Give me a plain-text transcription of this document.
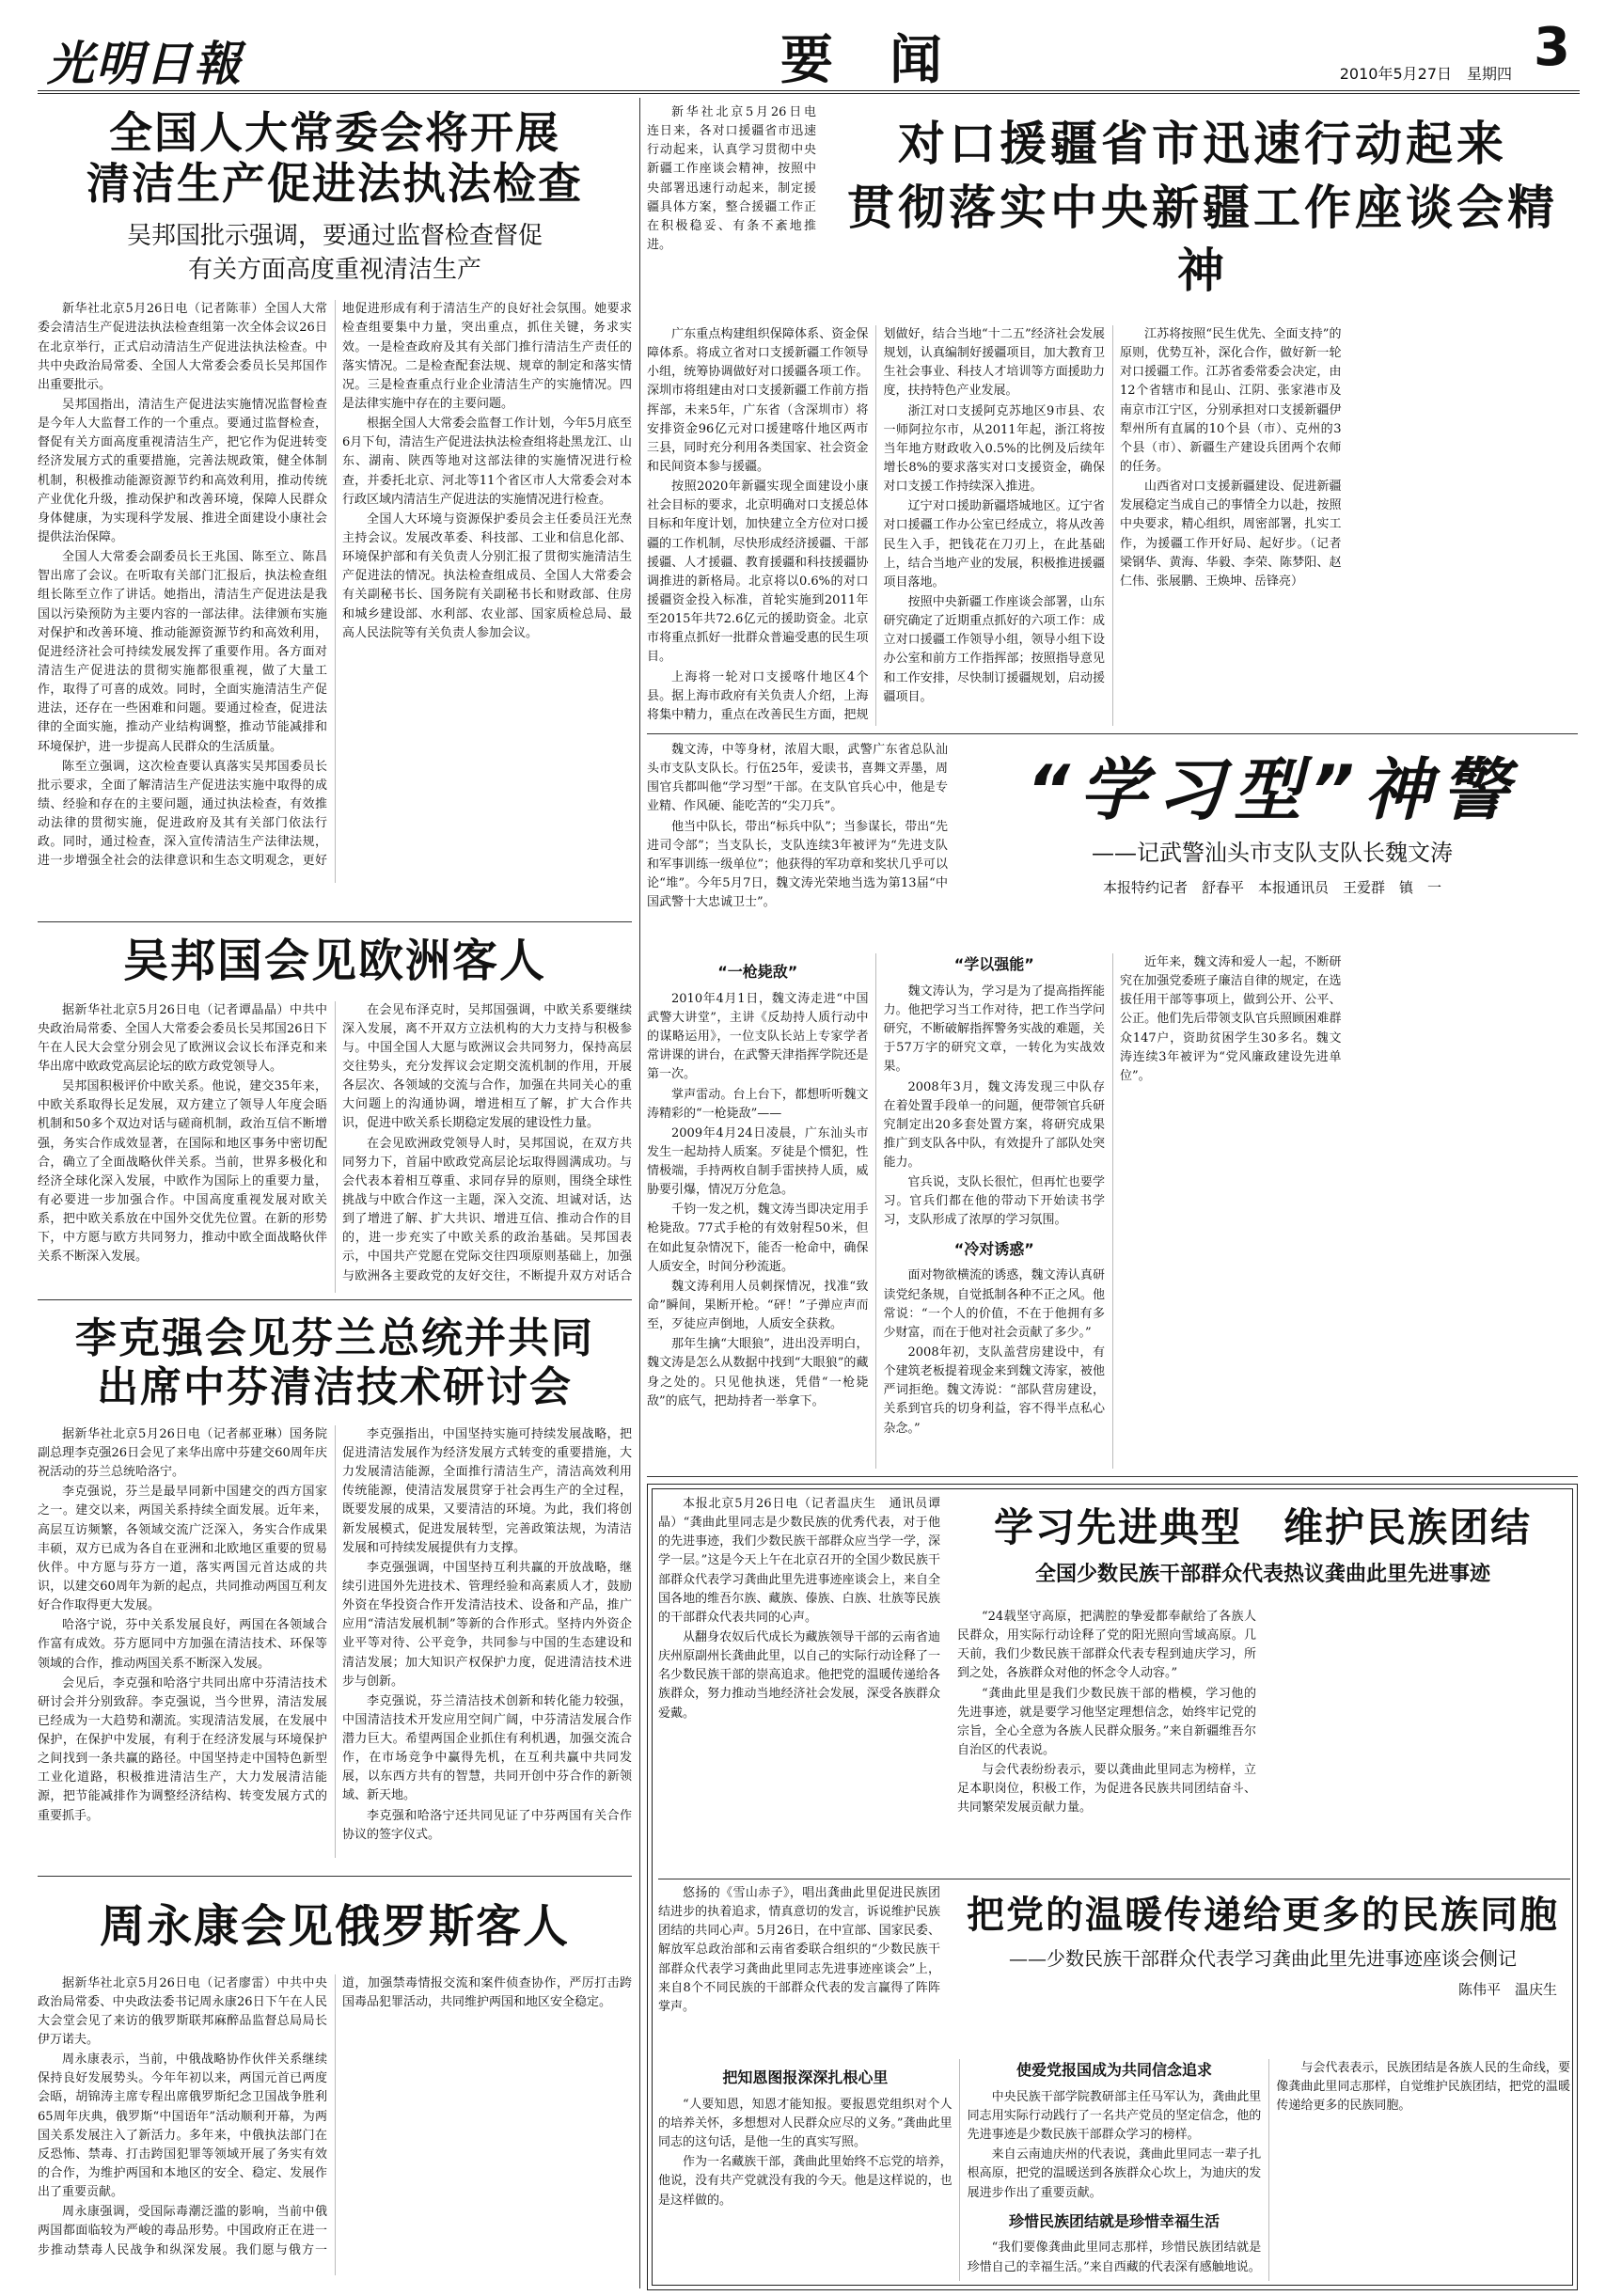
光明日報	要闻	2010年5月27日　星期四 3
全国人大常委会将开展
清洁生产促进法执法检查
吴邦国批示强调，要通过监督检查督促
有关方面高度重视清洁生产

新华社北京5月26日电（记者陈菲）全国人大常委会清洁生产促进法执法检查组第一次全体会议26日在北京举行，正式启动清洁生产促进法执法检查。中共中央政治局常委、全国人大常委会委员长吴邦国作出重要批示。

吴邦国指出，清洁生产促进法实施情况监督检查是今年人大监督工作的一个重点。要通过监督检查，督促有关方面高度重视清洁生产，把它作为促进转变经济发展方式的重要措施，完善法规政策，健全体制机制，积极推动能源资源节约和高效利用，推动传统产业优化升级，推动保护和改善环境，保障人民群众身体健康，为实现科学发展、推进全面建设小康社会提供法治保障。

全国人大常委会副委员长王兆国、陈至立、陈昌智出席了会议。在听取有关部门汇报后，执法检查组组长陈至立作了讲话。她指出，清洁生产促进法是我国以污染预防为主要内容的一部法律。法律颁布实施对保护和改善环境、推动能源资源节约和高效利用，促进经济社会可持续发展发挥了重要作用。各方面对清洁生产促进法的贯彻实施都很重视，做了大量工作，取得了可喜的成效。同时，全面实施清洁生产促进法，还存在一些困难和问题。要通过检查，促进法律的全面实施，推动产业结构调整，推动节能减排和环境保护，进一步提高人民群众的生活质量。

陈至立强调，这次检查要认真落实吴邦国委员长批示要求，全面了解清洁生产促进法实施中取得的成绩、经验和存在的主要问题，通过执法检查，有效推动法律的贯彻实施，促进政府及其有关部门依法行政。同时，通过检查，深入宣传清洁生产法律法规，进一步增强全社会的法律意识和生态文明观念，更好地促进形成有利于清洁生产的良好社会氛围。她要求检查组要集中力量，突出重点，抓住关键，务求实效。一是检查政府及其有关部门推行清洁生产责任的落实情况。二是检查配套法规、规章的制定和落实情况。三是检查重点行业企业清洁生产的实施情况。四是法律实施中存在的主要问题。

根据全国人大常委会监督工作计划，今年5月底至6月下旬，清洁生产促进法执法检查组将赴黑龙江、山东、湖南、陕西等地对这部法律的实施情况进行检查，并委托北京、河北等11个省区市人大常委会对本行政区域内清洁生产促进法的实施情况进行检查。

全国人大环境与资源保护委员会主任委员汪光焘主持会议。发展改革委、科技部、工业和信息化部、环境保护部和有关负责人分别汇报了贯彻实施清洁生产促进法的情况。执法检查组成员、全国人大常委会有关副秘书长、国务院有关副秘书长和财政部、住房和城乡建设部、水利部、农业部、国家质检总局、最高人民法院等有关负责人参加会议。

吴邦国会见欧洲客人

据新华社北京5月26日电（记者谭晶晶）中共中央政治局常委、全国人大常委会委员长吴邦国26日下午在人民大会堂分别会见了欧洲议会议长布泽克和来华出席中欧政党高层论坛的欧方政党领导人。

吴邦国积极评价中欧关系。他说，建交35年来，中欧关系取得长足发展，双方建立了领导人年度会晤机制和50多个双边对话与磋商机制，政治互信不断增强，务实合作成效显著，在国际和地区事务中密切配合，确立了全面战略伙伴关系。当前，世界多极化和经济全球化深入发展，中欧作为国际上的重要力量，有必要进一步加强合作。中国高度重视发展对欧关系，把中欧关系放在中国外交优先位置。在新的形势下，中方愿与欧方共同努力，推动中欧全面战略伙伴关系不断深入发展。

在会见布泽克时，吴邦国强调，中欧关系要继续深入发展，离不开双方立法机构的大力支持与积极参与。中国全国人大愿与欧洲议会共同努力，保持高层交往势头，充分发挥议会定期交流机制的作用，开展各层次、各领域的交流与合作，加强在共同关心的重大问题上的沟通协调，增进相互了解，扩大合作共识，促进中欧关系长期稳定发展的建设性力量。

在会见欧洲政党领导人时，吴邦国说，在双方共同努力下，首届中欧政党高层论坛取得圆满成功。与会代表本着相互尊重、求同存异的原则，围绕全球性挑战与中欧合作这一主题，深入交流、坦诚对话，达到了增进了解、扩大共识、增进互信、推动合作的目的，进一步充实了中欧关系的政治基础。吴邦国表示，中国共产党愿在党际交往四项原则基础上，加强与欧洲各主要政党的友好交往，不断提升双方对话合

李克强会见芬兰总统并共同
出席中芬清洁技术研讨会

据新华社北京5月26日电（记者郝亚琳）国务院副总理李克强26日会见了来华出席中芬建交60周年庆祝活动的芬兰总统哈洛宁。

李克强说，芬兰是最早同新中国建交的西方国家之一。建交以来，两国关系持续全面发展。近年来，高层互访频繁，各领域交流广泛深入，务实合作成果丰硕，双方已成为各自在亚洲和北欧地区重要的贸易伙伴。中方愿与芬方一道，落实两国元首达成的共识，以建交60周年为新的起点，共同推动两国互利友好合作取得更大发展。

哈洛宁说，芬中关系发展良好，两国在各领域合作富有成效。芬方愿同中方加强在清洁技术、环保等领域的合作，推动两国关系不断深入发展。

会见后，李克强和哈洛宁共同出席中芬清洁技术研讨会并分别致辞。李克强说，当今世界，清洁发展已经成为一大趋势和潮流。实现清洁发展，在发展中保护，在保护中发展，有利于在经济发展与环境保护之间找到一条共赢的路径。中国坚持走中国特色新型工业化道路，积极推进清洁生产，大力发展清洁能源，把节能减排作为调整经济结构、转变发展方式的重要抓手。

李克强指出，中国坚持实施可持续发展战略，把促进清洁发展作为经济发展方式转变的重要措施，大力发展清洁能源，全面推行清洁生产，清洁高效利用传统能源，使清洁发展贯穿于社会再生产的全过程，既要发展的成果，又要清洁的环境。为此，我们将创新发展模式，促进发展转型，完善政策法规，为清洁发展和可持续发展提供有力支撑。

李克强强调，中国坚持互利共赢的开放战略，继续引进国外先进技术、管理经验和高素质人才，鼓励外资在华投资合作开发清洁技术、设备和产品，推广应用“清洁发展机制”等新的合作形式。坚持内外资企业平等对待、公平竞争，共同参与中国的生态建设和清洁发展；加大知识产权保护力度，促进清洁技术进步与创新。

李克强说，芬兰清洁技术创新和转化能力较强，中国清洁技术开发应用空间广阔，中芬清洁发展合作潜力巨大。希望两国企业抓住有利机遇，加强交流合作，在市场竞争中赢得先机，在互利共赢中共同发展，以东西方共有的智慧，共同开创中芬合作的新领域、新天地。

李克强和哈洛宁还共同见证了中芬两国有关合作协议的签字仪式。

周永康会见俄罗斯客人

据新华社北京5月26日电（记者廖雷）中共中央政治局常委、中央政法委书记周永康26日下午在人民大会堂会见了来访的俄罗斯联邦麻醉品监督总局局长伊万诺夫。

周永康表示，当前，中俄战略协作伙伴关系继续保持良好发展势头。今年年初以来，两国元首已两度会晤，胡锦涛主席专程出席俄罗斯纪念卫国战争胜利65周年庆典，俄罗斯“中国语年”活动顺利开幕，为两国关系发展注入了新活力。多年来，中俄执法部门在反恐怖、禁毒、打击跨国犯罪等领域开展了务实有效的合作，为维护两国和本地区的安全、稳定、发展作出了重要贡献。

周永康强调，受国际毒潮泛滥的影响，当前中俄两国都面临较为严峻的毒品形势。中国政府正在进一步推动禁毒人民战争和纵深发展。我们愿与俄方一道，加强禁毒情报交流和案件侦查协作，严厉打击跨国毒品犯罪活动，共同维护两国和地区安全稳定。

新华社北京5月26日电　连日来，各对口援疆省市迅速行动起来，认真学习贯彻中央新疆工作座谈会精神，按照中央部署迅速行动起来，制定援疆具体方案，整合援疆工作正在积极稳妥、有条不紊地推进。

对口援疆省市迅速行动起来
贯彻落实中央新疆工作座谈会精神

广东重点构建组织保障体系、资金保障体系。将成立省对口支援新疆工作领导小组，统筹协调做好对口援疆各项工作。深圳市将组建由对口支援新疆工作前方指挥部，未来5年，广东省（含深圳市）将安排资金96亿元对口援建喀什地区两市三县，同时充分利用各类国家、社会资金和民间资本参与援疆。

按照2020年新疆实现全面建设小康社会目标的要求，北京明确对口支援总体目标和年度计划，加快建立全方位对口援疆的工作机制，尽快形成经济援疆、干部援疆、人才援疆、教育援疆和科技援疆协调推进的新格局。北京将以0.6%的对口援疆资金投入标准，首轮实施到2011年至2015年共72.6亿元的援助资金。北京市将重点抓好一批群众普遍受惠的民生项目。

上海将一轮对口支援喀什地区4个县。据上海市政府有关负责人介绍，上海将集中精力，重点在改善民生方面，把规划做好，结合当地“十二五”经济社会发展规划，认真编制好援疆项目，加大教育卫生社会事业、科技人才培训等方面援助力度，扶持特色产业发展。

浙江对口支援阿克苏地区9市县、农一师阿拉尔市，从2011年起，浙江将按当年地方财政收入0.5%的比例及后续年增长8%的要求落实对口支援资金，确保对口支援工作持续深入推进。

辽宁对口援助新疆塔城地区。辽宁省对口援疆工作办公室已经成立，将从改善民生入手，把钱花在刀刃上，在此基础上，结合当地产业的发展，积极推进援疆项目落地。

按照中央新疆工作座谈会部署，山东研究确定了近期重点抓好的六项工作：成立对口援疆工作领导小组，领导小组下设办公室和前方工作指挥部；按照指导意见和工作安排，尽快制订援疆规划，启动援疆项目。

江苏将按照“民生优先、全面支持”的原则，优势互补，深化合作，做好新一轮对口援疆工作。江苏省委常委会决定，由12个省辖市和昆山、江阴、张家港市及南京市江宁区，分别承担对口支援新疆伊犁州所有直属的10个县（市）、克州的3个县（市）、新疆生产建设兵团两个农师的任务。

山西省对口支援新疆建设、促进新疆发展稳定当成自己的事情全力以赴，按照中央要求，精心组织，周密部署，扎实工作，为援疆工作开好局、起好步。（记者梁钢华、黄海、华毅、李荣、陈梦阳、赵仁伟、张展鹏、王焕坤、岳锋亮）

魏文涛，中等身材，浓眉大眼，武警广东省总队汕头市支队支队长。行伍25年，爱读书，喜舞文弄墨，周围官兵都叫他“学习型”干部。在支队官兵心中，他是专业精、作风硬、能吃苦的“尖刀兵”。

他当中队长，带出“标兵中队”；当参谋长，带出“先进司令部”；当支队长，支队连续3年被评为“先进支队和军事训练一级单位”；他获得的军功章和奖状几乎可以论“堆”。今年5月7日，魏文涛光荣地当选为第13届“中国武警十大忠诚卫士”。

“学习型”神警
——记武警汕头市支队支队长魏文涛
本报特约记者　舒春平　本报通讯员　王爱群　镇　一
“一枪毙敌”

2010年4月1日，魏文涛走进“中国武警大讲堂”，主讲《反劫持人质行动中的谋略运用》，一位支队长站上专家学者常讲课的讲台，在武警天津指挥学院还是第一次。

掌声雷动。台上台下，都想听听魏文涛精彩的“一枪毙敌”——

2009年4月24日凌晨，广东汕头市发生一起劫持人质案。歹徒是个惯犯，性情极端，手持两枚自制手雷挟持人质，威胁要引爆，情况万分危急。

千钧一发之机，魏文涛当即决定用手枪毙敌。77式手枪的有效射程50米，但在如此复杂情况下，能否一枪命中，确保人质安全，时间分秒流逝。

魏文涛利用人员刺探情况，找准“致命”瞬间，果断开枪。“砰！”子弹应声而至，歹徒应声倒地，人质安全获救。

那年生擒“大眼狼”，进出没弄明白，魏文涛是怎么从数据中找到“大眼狼”的藏身之处的。只见他执迷，凭借“一枪毙敌”的底气，把劫持者一举拿下。

“学以强能”

魏文涛认为，学习是为了提高指挥能力。他把学习当工作对待，把工作当学问研究，不断破解指挥警务实战的难题，关于57万字的研究文章，一转化为实战效果。

2008年3月，魏文涛发现三中队存在着处置手段单一的问题，便带领官兵研究制定出20多套处置方案，将研究成果推广到支队各中队，有效提升了部队处突能力。

官兵说，支队长很忙，但再忙也要学习。官兵们都在他的带动下开始读书学习，支队形成了浓厚的学习氛围。

“冷对诱惑”

面对物欲横流的诱惑，魏文涛认真研读党纪条规，自觉抵制各种不正之风。他常说：“一个人的价值，不在于他拥有多少财富，而在于他对社会贡献了多少。”

2008年初，支队盖营房建设中，有个建筑老板提着现金来到魏文涛家，被他严词拒绝。魏文涛说：“部队营房建设，关系到官兵的切身利益，容不得半点私心杂念。”

近年来，魏文涛和爱人一起，不断研究在加强党委班子廉洁自律的规定，在选拔任用干部等事项上，做到公开、公平、公正。他们先后带领支队官兵照顾困难群众147户，资助贫困学生30多名。魏文涛连续3年被评为“党风廉政建设先进单位”。

本报北京5月26日电（记者温庆生　通讯员谭晶）“龚曲此里同志是少数民族的优秀代表，对于他的先进事迹，我们少数民族干部群众应当学一学，深学一层。”这是今天上午在北京召开的全国少数民族干部群众代表学习龚曲此里先进事迹座谈会上，来自全国各地的维吾尔族、藏族、傣族、白族、壮族等民族的干部群众代表共同的心声。

从翻身农奴后代成长为藏族领导干部的云南省迪庆州原副州长龚曲此里，以自己的实际行动诠释了一名少数民族干部的崇高追求。他把党的温暖传递给各族群众，努力推动当地经济社会发展，深受各族群众爱戴。

学习先进典型　维护民族团结
全国少数民族干部群众代表热议龚曲此里先进事迹

“24载坚守高原，把满腔的挚爱都奉献给了各族人民群众，用实际行动诠释了党的阳光照向雪域高原。几天前，我们少数民族干部群众代表专程到迪庆学习，所到之处，各族群众对他的怀念令人动容。”

“龚曲此里是我们少数民族干部的楷模，学习他的先进事迹，就是要学习他坚定理想信念，始终牢记党的宗旨，全心全意为各族人民群众服务。”来自新疆维吾尔自治区的代表说。

与会代表纷纷表示，要以龚曲此里同志为榜样，立足本职岗位，积极工作，为促进各民族共同团结奋斗、共同繁荣发展贡献力量。

悠扬的《雪山赤子》，唱出龚曲此里促进民族团结进步的执着追求，情真意切的发言，诉说维护民族团结的共同心声。5月26日，在中宣部、国家民委、解放军总政治部和云南省委联合组织的“少数民族干部群众代表学习龚曲此里同志先进事迹座谈会”上，来自8个不同民族的干部群众代表的发言赢得了阵阵掌声。

把党的温暖传递给更多的民族同胞
——少数民族干部群众代表学习龚曲此里先进事迹座谈会侧记
陈伟平　温庆生
把知恩图报深深扎根心里

“人要知恩，知恩才能知报。要报恩党组织对个人的培养关怀，多想想对人民群众应尽的义务。”龚曲此里同志的这句话，是他一生的真实写照。

作为一名藏族干部，龚曲此里始终不忘党的培养，他说，没有共产党就没有我的今天。他是这样说的，也是这样做的。

使爱党报国成为共同信念追求

中央民族干部学院教研部主任马军认为，龚曲此里同志用实际行动践行了一名共产党员的坚定信念，他的先进事迹是少数民族干部群众学习的榜样。

来自云南迪庆州的代表说，龚曲此里同志一辈子扎根高原，把党的温暖送到各族群众心坎上，为迪庆的发展进步作出了重要贡献。

珍惜民族团结就是珍惜幸福生活

“我们要像龚曲此里同志那样，珍惜民族团结就是珍惜自己的幸福生活。”来自西藏的代表深有感触地说。

与会代表表示，民族团结是各族人民的生命线，要像龚曲此里同志那样，自觉维护民族团结，把党的温暖传递给更多的民族同胞。
